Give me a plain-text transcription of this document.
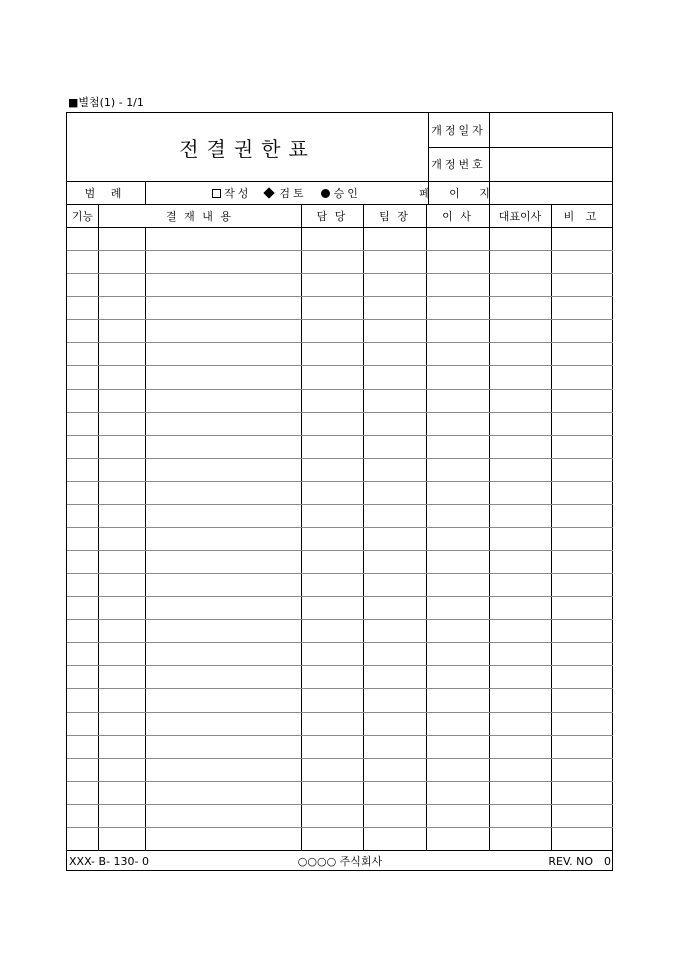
■별첨(1) - 1/1
전결권한표
개정일자
개정번호
범 례	작성	검토	승인	페 이 지
기능	결 재 내 용	담 당	팀 장	이 사	대표이사	비 고
XXX- B- 130- 0	○○○○ 주식회사	REV. NO　0
